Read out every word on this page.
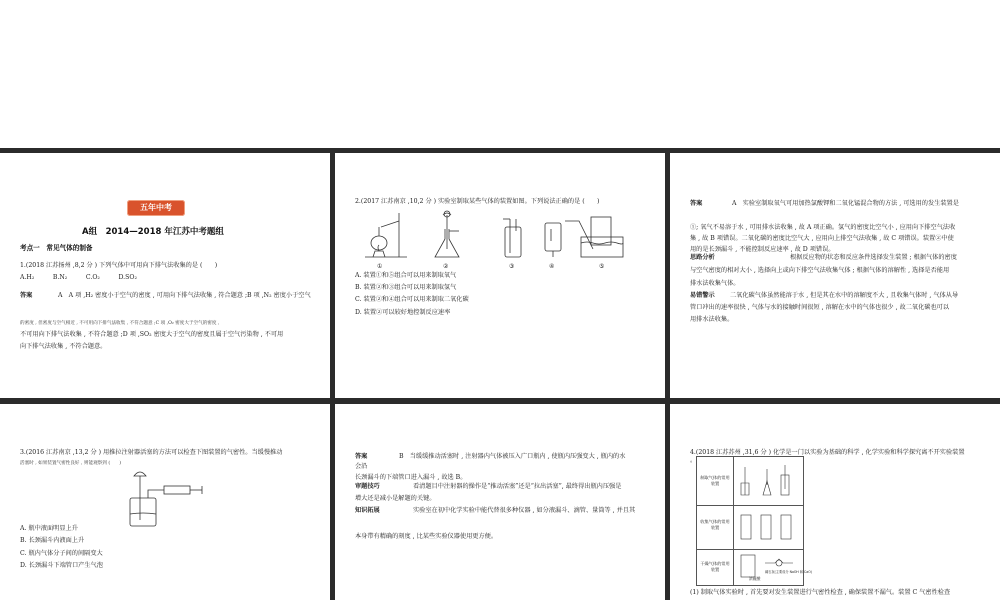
五年中考
A组　2014—2018 年江苏中考题组
考点一　常见气体的制备
1.(2018 江苏扬州 ,8,2 分 ) 下列气体中可用向下排气法收集的是 (　　)
A.H₂　　　B.N₂　　　C.O₂　　　D.SO₂
答案	A　A 项 ,H₂ 密度小于空气的密度 , 可用向下排气法收集 , 符合题意 ;B 项 ,N₂ 密度小于空气
的密度 , 但密度与空气相近 , 不可用向下排气法收集 , 不符合题意 ;C 项 ,O₂ 密度大于空气的密度 ,
不可用向下排气法收集 , 不符合题意 ;D 项 ,SO₂ 密度大于空气的密度且属于空气污染物 , 不可用
向下排气法收集 , 不符合题意。
2.(2017 江苏南京 ,10,2 分 ) 实验室制取某些气体的装置如图。下列说法正确的是 (　　)
①	②	③	④	⑤
A. 装置①和⑤组合可以用来制取氧气
B. 装置②和③组合可以用来制取氢气
C. 装置②和④组合可以用来制取二氧化碳
D. 装置②可以较好地控制反应速率
答案	A　实验室制取氧气可用加热氯酸钾和二氧化锰混合物的方法 , 可选用的发生装置是
①; 氧气不易溶于水 , 可用排水法收集 , 故 A 项正确。氢气的密度比空气小 , 应用向下排空气法收
集 , 故 B 项错误。二氧化碳的密度比空气大 , 应用向上排空气法收集 , 故 C 项错误。装置②中使
用的是长颈漏斗 , 不能控制反应速率 , 故 D 项错误。
思路分析	根据反应物的状态和反应条件选择发生装置 ; 根据气体的密度
与空气密度的相对大小 , 选择向上或向下排空气法收集气体 ; 根据气体的溶解性 , 选择是否能用
排水法收集气体。
易错警示 二氧化碳气体虽然能溶于水 , 但是其在水中的溶解度不大 , 且收集气体时 , 气体从导
管口冲出的速率很快 , 气体与水的接触时间很短 , 溶解在水中的气体也很少 , 故二氧化碳也可以
用排水法收集。
3.(2016 江苏南京 ,13,2 分 ) 用推拉注射器活塞的方法可以检查下图装置的气密性。当缓慢推动
活塞时 , 如果装置气密性良好 , 则能观察到 (　　)
A. 瓶中液面明显上升
B. 长颈漏斗内液面上升
C. 瓶内气体分子间的间隔变大
D. 长颈漏斗下端管口产生气泡
答案	B　当缓缓推动活塞时 , 注射器内气体被压入广口瓶内 , 使瓶内压强变大 , 瓶内的水
会沿
长颈漏斗的下端管口进入漏斗 , 故选 B。
审题技巧	看清题目中注射器的操作是“推动活塞”还是“拉出活塞”, 最终得出瓶内压强是
增大还是减小是解题的关键。
知识拓展	实验室在初中化学实验中能代替很多种仪器 , 如分液漏斗、滴管、量筒等 , 并且其
本身带有精确的刻度 , 比某些实验仪器使用更方便。
4.(2018 江苏苏州 ,31,6 分 ) 化学是一门以实验为基础的科学 , 化学实验和科学探究离不开实验装置
。
制取气体的常用装置
收集气体的常用装置
干燥气体的常用装置
浓硫酸
碱石灰(主要成分 NaOH 和 CaO)
(1) 制取气体实验时 , 首先要对发生装置进行气密性检查 , 确保装置不漏气。装置 C 气密性检查
